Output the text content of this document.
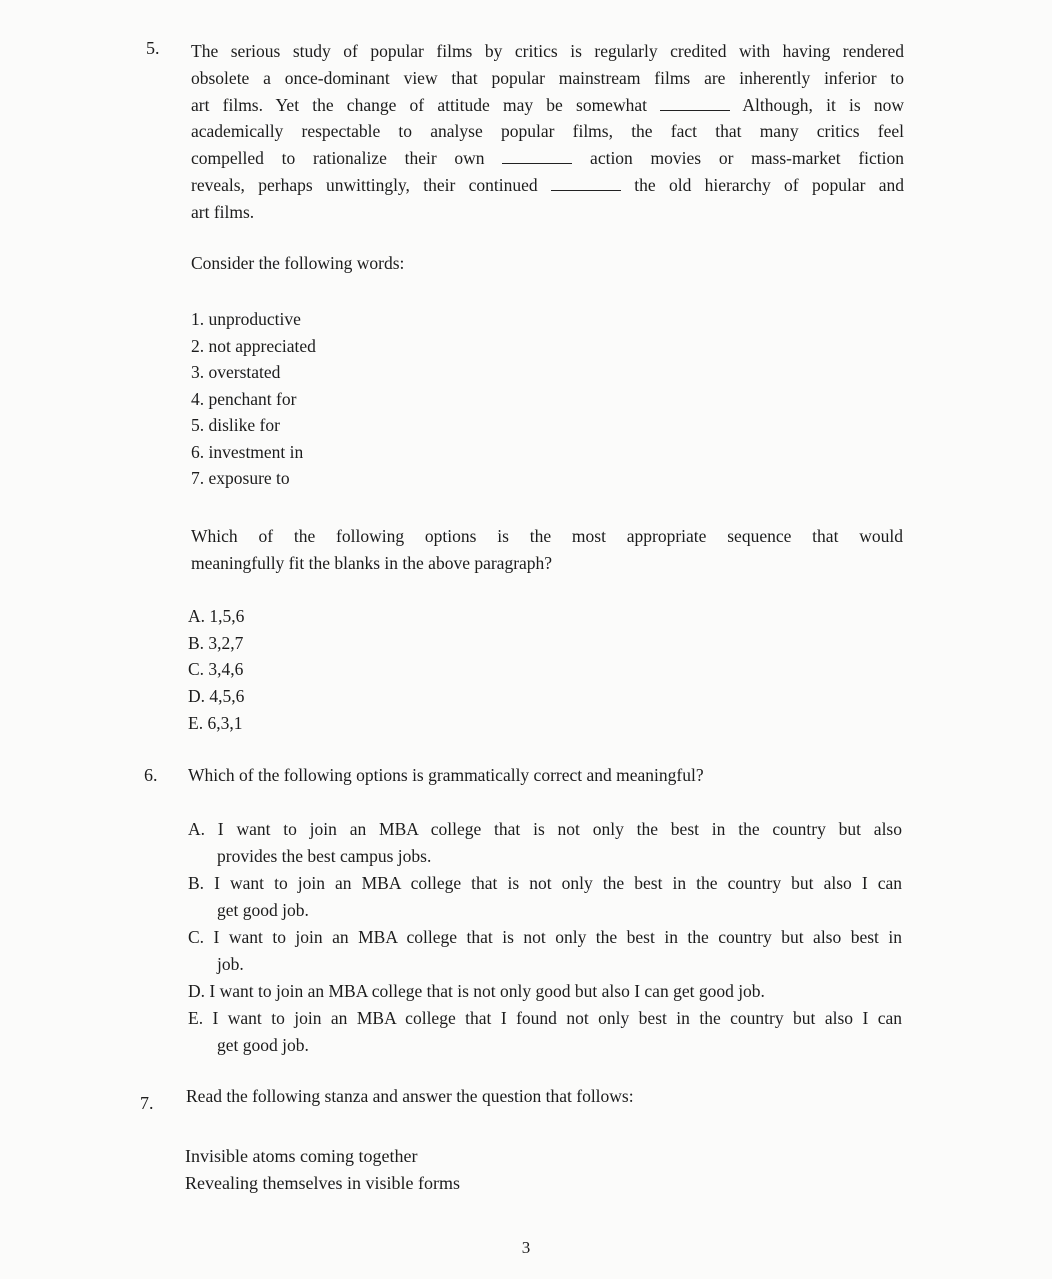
5. The serious study of popular films by critics is regularly credited with having rendered
obsolete a once-dominant view that popular mainstream films are inherently inferior to
art films. Yet the change of attitude may be somewhat	Although, it is now
academically respectable to analyse popular films, the fact that many critics feel
compelled to rationalize their own	action movies or mass-market fiction
reveals, perhaps unwittingly, their continued	the old hierarchy of popular and
art films.
Consider the following words:
1. unproductive
2. not appreciated
3. overstated
4. penchant for
5. dislike for
6. investment in
7. exposure to
Which of the following options is the most appropriate sequence that would
meaningfully fit the blanks in the above paragraph?
A. 1,5,6
B. 3,2,7
C. 3,4,6
D. 4,5,6
E. 6,3,1
6. Which of the following options is grammatically correct and meaningful?
A. I want to join an MBA college that is not only the best in the country but also
provides the best campus jobs.
B. I want to join an MBA college that is not only the best in the country but also I can
get good job.
C. I want to join an MBA college that is not only the best in the country but also best in
job.
D. I want to join an MBA college that is not only good but also I can get good job.
E. I want to join an MBA college that I found not only best in the country but also I can
get good job.
7. Read the following stanza and answer the question that follows:
Invisible atoms coming together
Revealing themselves in visible forms
3
